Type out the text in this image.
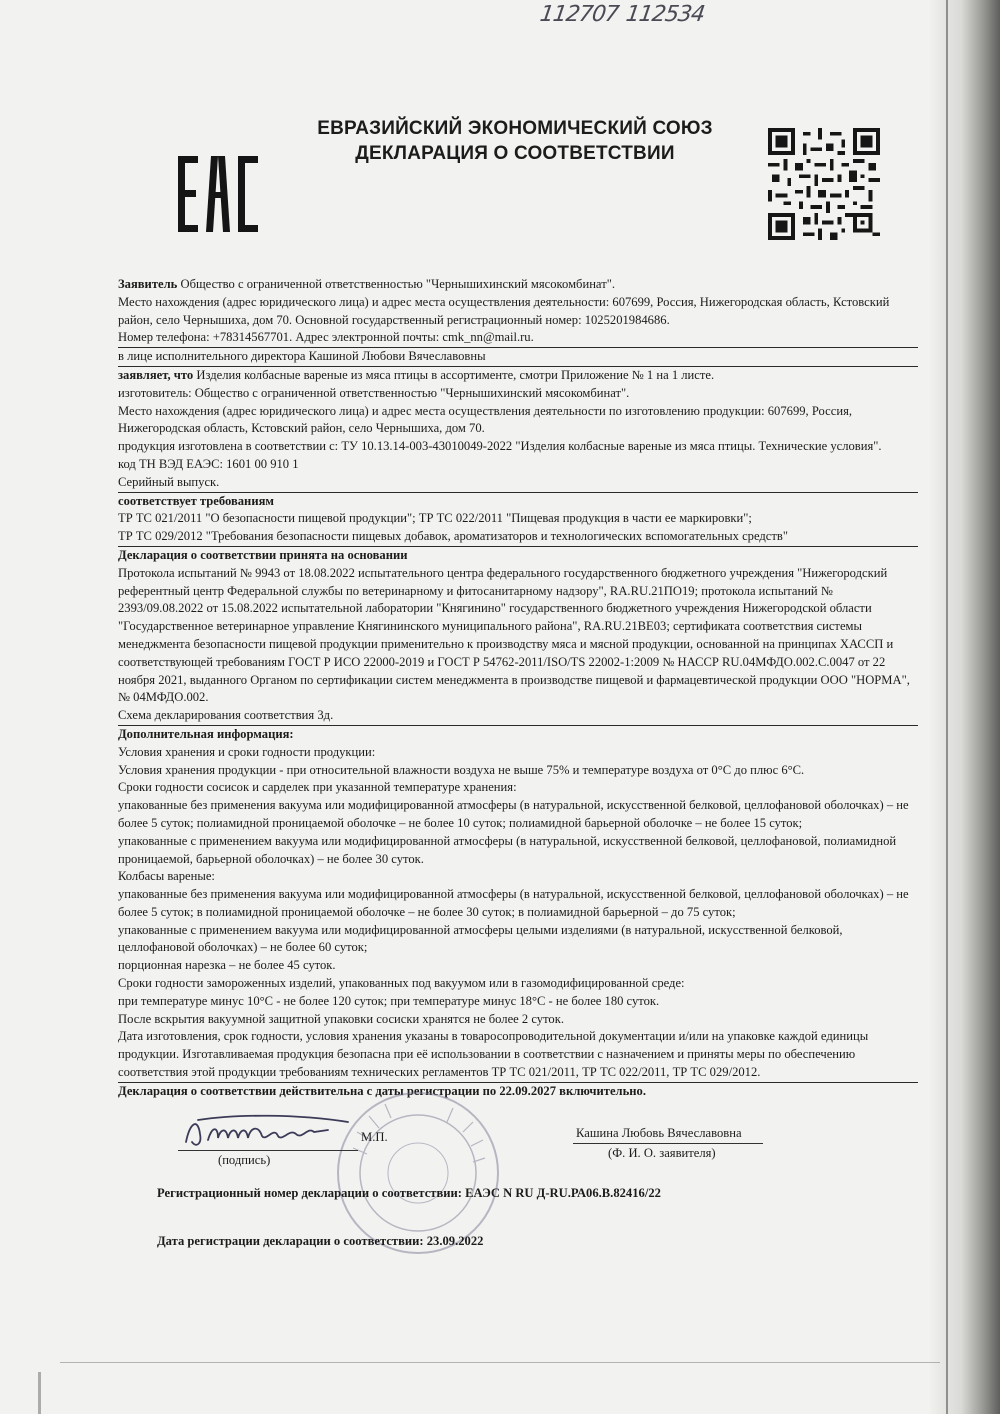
112707 112534
ЕВРАЗИЙСКИЙ ЭКОНОМИЧЕСКИЙ СОЮЗ
ДЕКЛАРАЦИЯ О СООТВЕТСТВИИ

Заявитель Общество с ограниченной ответственностью "Чернышихинский мясокомбинат".

Место нахождения (адрес юридического лица) и адрес места осуществления деятельности: 607699, Россия, Нижегородская область, Кстовский район, село Чернышиха, дом 70. Основной государственный регистрационный номер: 1025201984686.

Номер телефона: +78314567701. Адрес электронной почты: cmk_nn@mail.ru.

в лице исполнительного директора Кашиной Любови Вячеславовны

заявляет, что Изделия колбасные вареные из мяса птицы в ассортименте, смотри Приложение № 1 на 1 листе.

изготовитель: Общество с ограниченной ответственностью "Чернышихинский мясокомбинат".

Место нахождения (адрес юридического лица) и адрес места осуществления деятельности по изготовлению продукции: 607699, Россия, Нижегородская область, Кстовский район, село Чернышиха, дом 70.

продукция изготовлена в соответствии с: ТУ 10.13.14-003-43010049-2022 "Изделия колбасные вареные из мяса птицы. Технические условия".

код ТН ВЭД ЕАЭС: 1601 00 910 1

Серийный выпуск.

соответствует требованиям

ТР ТС 021/2011 "О безопасности пищевой продукции"; ТР ТС 022/2011 "Пищевая продукция в части ее маркировки";

ТР ТС 029/2012 "Требования безопасности пищевых добавок, ароматизаторов и технологических вспомогательных средств"

Декларация о соответствии принята на основании

Протокола испытаний № 9943 от 18.08.2022 испытательного центра федерального государственного бюджетного учреждения "Нижегородский референтный центр Федеральной службы по ветеринарному и фитосанитарному надзору", RA.RU.21ПО19; протокола испытаний № 2393/09.08.2022 от 15.08.2022 испытательной лаборатории "Княгинино" государственного бюджетного учреждения Нижегородской области "Государственное ветеринарное управление Княгининского муниципального района", RA.RU.21ВЕ03; сертификата соответствия системы менеджмента безопасности пищевой продукции применительно к производству мяса и мясной продукции, основанной на принципах ХАССП и соответствующей требованиям ГОСТ Р ИСО 22000-2019 и ГОСТ Р 54762-2011/ISO/TS 22002-1:2009 № НАССР RU.04МФДО.002.С.0047 от 22 ноября 2021, выданного Органом по сертификации систем менеджмента в производстве пищевой и фармацевтической продукции ООО "НОРМА", № 04МФДО.002.

Схема декларирования соответствия 3д.

Дополнительная информация:

Условия хранения и сроки годности продукции:

Условия хранения продукции - при относительной влажности воздуха не выше 75% и температуре воздуха от 0°С до плюс 6°С.

Сроки годности сосисок и сарделек при указанной температуре хранения:

упакованные без применения вакуума или модифицированной атмосферы (в натуральной, искусственной белковой, целлофановой оболочках) – не более 5 суток; полиамидной проницаемой оболочке – не более 10 суток; полиамидной барьерной оболочке – не более 15 суток;

упакованные с применением вакуума или модифицированной атмосферы (в натуральной, искусственной белковой, целлофановой, полиамидной проницаемой, барьерной оболочках) – не более 30 суток.

Колбасы вареные:

упакованные без применения вакуума или модифицированной атмосферы (в натуральной, искусственной белковой, целлофановой оболочках) – не более 5 суток; в полиамидной проницаемой оболочке – не более 30 суток; в полиамидной барьерной – до 75 суток;

упакованные с применением вакуума или модифицированной атмосферы целыми изделиями (в натуральной, искусственной белковой, целлофановой оболочках) – не более 60 суток;

порционная нарезка – не более 45 суток.

Сроки годности замороженных изделий, упакованных под вакуумом или в газомодифицированной среде:

при температуре минус 10°С - не более 120 суток; при температуре минус 18°С - не более 180 суток.

После вскрытия вакуумной защитной упаковки сосиски хранятся не более 2 суток.

Дата изготовления, срок годности, условия хранения указаны в товаросопроводительной документации и/или на упаковке каждой единицы продукции. Изготавливаемая продукция безопасна при её использовании в соответствии с назначением и приняты меры по обеспечению соответствия этой продукции требованиям технических регламентов ТР ТС 021/2011, ТР ТС 022/2011, ТР ТС 029/2012.

Декларация о соответствии действительна с даты регистрации по 22.09.2027 включительно.

(подпись)
М.П.	Кашина Любовь Вячеславовна
(Ф. И. О. заявителя)
Регистрационный номер декларации о соответствии: ЕАЭС N RU Д-RU.РА06.В.82416/22
Дата регистрации декларации о соответствии: 23.09.2022
